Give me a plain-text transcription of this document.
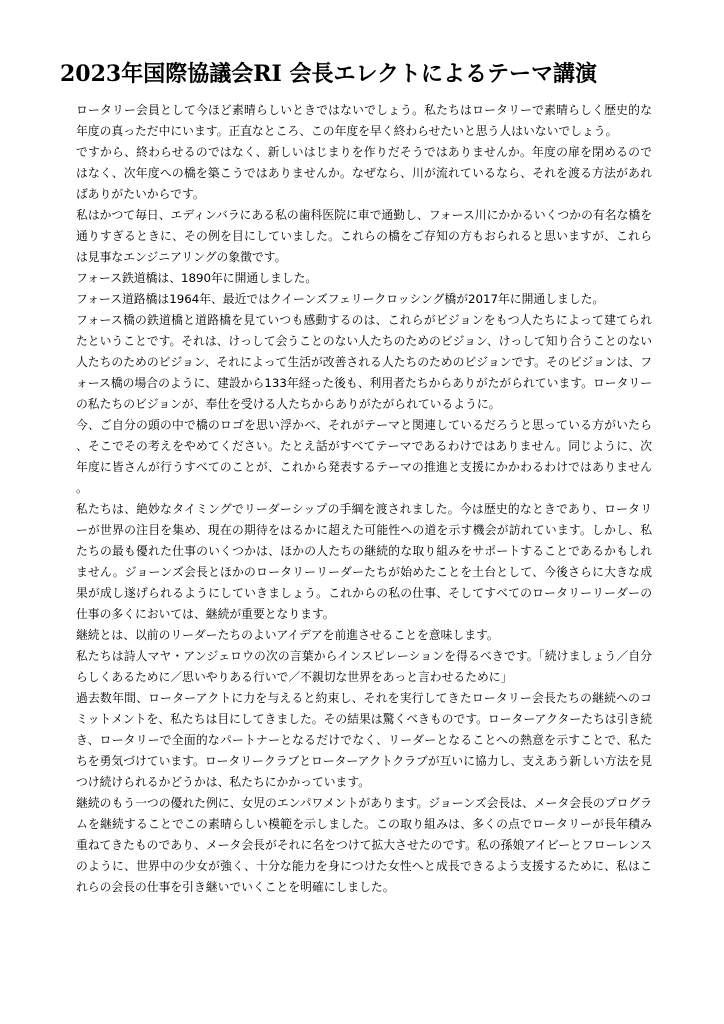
2023年国際協議会RI 会長エレクトによるテーマ講演

ロータリー会員として今ほど素晴らしいときではないでしょう。私たちはロータリーで素晴らしく歴史的な年度の真っただ中にいます。正直なところ、この年度を早く終わらせたいと思う人はいないでしょう。

ですから、終わらせるのではなく、新しいはじまりを作りだそうではありませんか。年度の扉を閉めるのではなく、次年度への橋を築こうではありませんか。なぜなら、川が流れているなら、それを渡る方法があればありがたいからです。

私はかつて毎日、エディンバラにある私の歯科医院に車で通勤し、フォース川にかかるいくつかの有名な橋を通りすぎるときに、その例を目にしていました。これらの橋をご存知の方もおられると思いますが、これらは見事なエンジニアリングの象徴です。

フォース鉄道橋は、1890年に開通しました。

フォース道路橋は1964年、最近ではクイーンズフェリークロッシング橋が2017年に開通しました。

フォース橋の鉄道橋と道路橋を見ていつも感動するのは、これらがビジョンをもつ人たちによって建てられたということです。それは、けっして会うことのない人たちのためのビジョン、けっして知り合うことのない人たちのためのビジョン、それによって生活が改善される人たちのためのビジョンです。そのビジョンは、フォース橋の場合のように、建設から133年経った後も、利用者たちからありがたがられています。ロータリーの私たちのビジョンが、奉仕を受ける人たちからありがたがられているように。

今、ご自分の頭の中で橋のロゴを思い浮かべ、それがテーマと関連しているだろうと思っている方がいたら、そこでその考えをやめてください。たとえ話がすべてテーマであるわけではありません。同じように、次年度に皆さんが行うすべてのことが、これから発表するテーマの推進と支援にかかわるわけではありません。

私たちは、絶妙なタイミングでリーダーシップの手綱を渡されました。今は歴史的なときであり、ロータリーが世界の注目を集め、現在の期待をはるかに超えた可能性への道を示す機会が訪れています。しかし、私たちの最も優れた仕事のいくつかは、ほかの人たちの継続的な取り組みをサポートすることであるかもしれません。ジョーンズ会長とほかのロータリーリーダーたちが始めたことを土台として、今後さらに大きな成果が成し遂げられるようにしていきましょう。これからの私の仕事、そしてすべてのロータリーリーダーの仕事の多くにおいては、継続が重要となります。

継続とは、以前のリーダーたちのよいアイデアを前進させることを意味します。

私たちは詩人マヤ・アンジェロウの次の言葉からインスピレーションを得るべきです。「続けましょう／自分らしくあるために／思いやりある行いで／不親切な世界をあっと言わせるために」

過去数年間、ローターアクトに力を与えると約束し、それを実行してきたロータリー会長たちの継続へのコミットメントを、私たちは目にしてきました。その結果は驚くべきものです。ローターアクターたちは引き続き、ロータリーで全面的なパートナーとなるだけでなく、リーダーとなることへの熱意を示すことで、私たちを勇気づけています。ロータリークラブとローターアクトクラブが互いに協力し、支えあう新しい方法を見つけ続けられるかどうかは、私たちにかかっています。

継続のもう一つの優れた例に、女児のエンパワメントがあります。ジョーンズ会長は、メータ会長のプログラムを継続することでこの素晴らしい模範を示しました。この取り組みは、多くの点でロータリーが長年積み重ねてきたものであり、メータ会長がそれに名をつけて拡大させたのです。私の孫娘アイビーとフローレンスのように、世界中の少女が強く、十分な能力を身につけた女性へと成長できるよう支援するために、私はこれらの会長の仕事を引き継いでいくことを明確にしました。
